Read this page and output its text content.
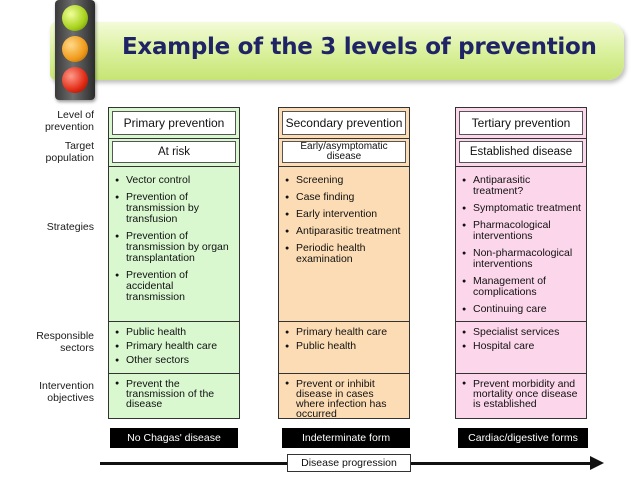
Example of the 3 levels of prevention
Level of prevention
Target population
Strategies
Responsible sectors
Intervention objectives
Primary prevention
At risk
● Vector control
● Prevention of transmission by transfusion
● Prevention of transmission by organ transplantation
● Prevention of accidental transmission
● Public health
● Primary health care
● Other sectors
● Prevent the transmission of the disease
Secondary prevention
Early/asymptomatic disease
● Screening
● Case finding
● Early intervention
● Antiparasitic treatment
● Periodic health examination
● Primary health care
● Public health
● Prevent or inhibit disease in cases where infection has occurred
Tertiary prevention
Established disease
● Antiparasitic treatment?
● Symptomatic treatment
● Pharmacological interventions
● Non-pharmacological interventions
● Management of complications
● Continuing care
● Specialist services
● Hospital care
● Prevent morbidity and mortality once disease is established
No Chagas' disease	Indeterminate form	Cardiac/digestive forms
Disease progression
